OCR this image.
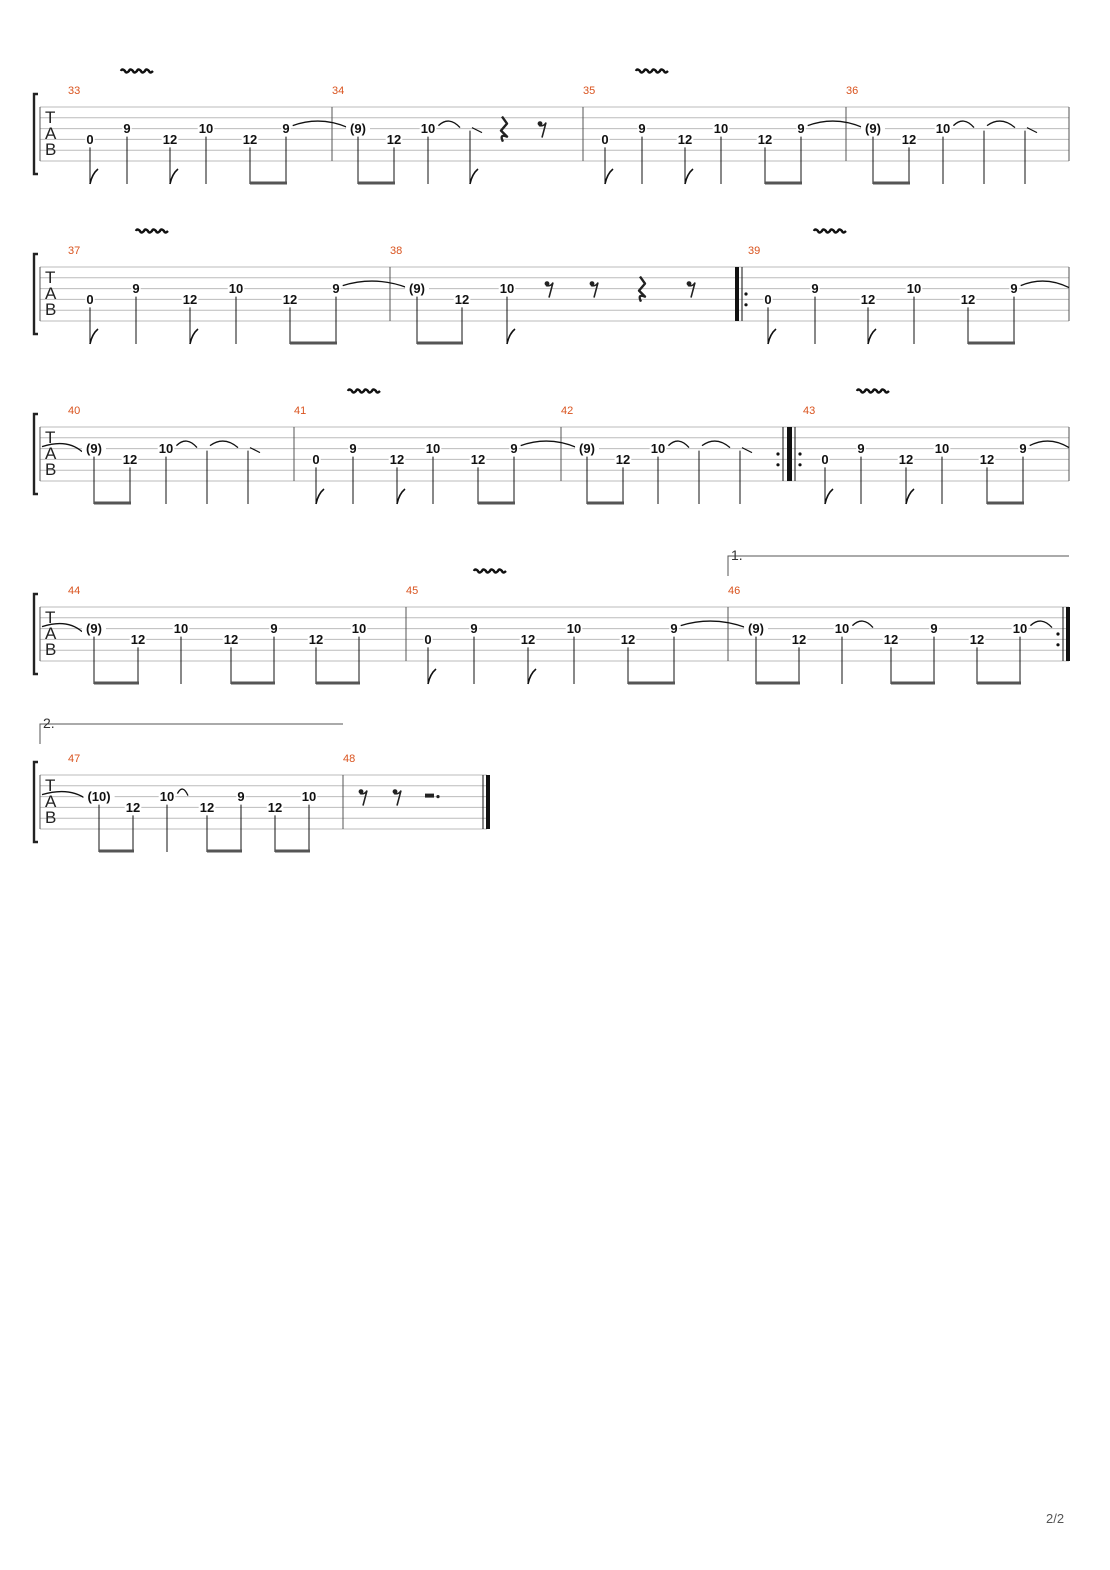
2/2
T
A
B
33
0
9
12
10
12
9
34
(9)
12
10
35
0
9
12
10
12
9
36
(9)
12
10
T
A
B
37
0
9
12
10
12
9
38
(9)
12
10
39
0
9
12
10
12
9
T
A
B
40
(9)
12
10
41
0
9
12
10
12
9
42
(9)
12
10
43
0
9
12
10
12
9
T
A
B
1.
44
(9)
12
10
12
9
12
10
45
0
9
12
10
12
9
46
(9)
12
10
12
9
12
10
T
A
B
2.
47
(10)
12
10
12
9
12
10
48
